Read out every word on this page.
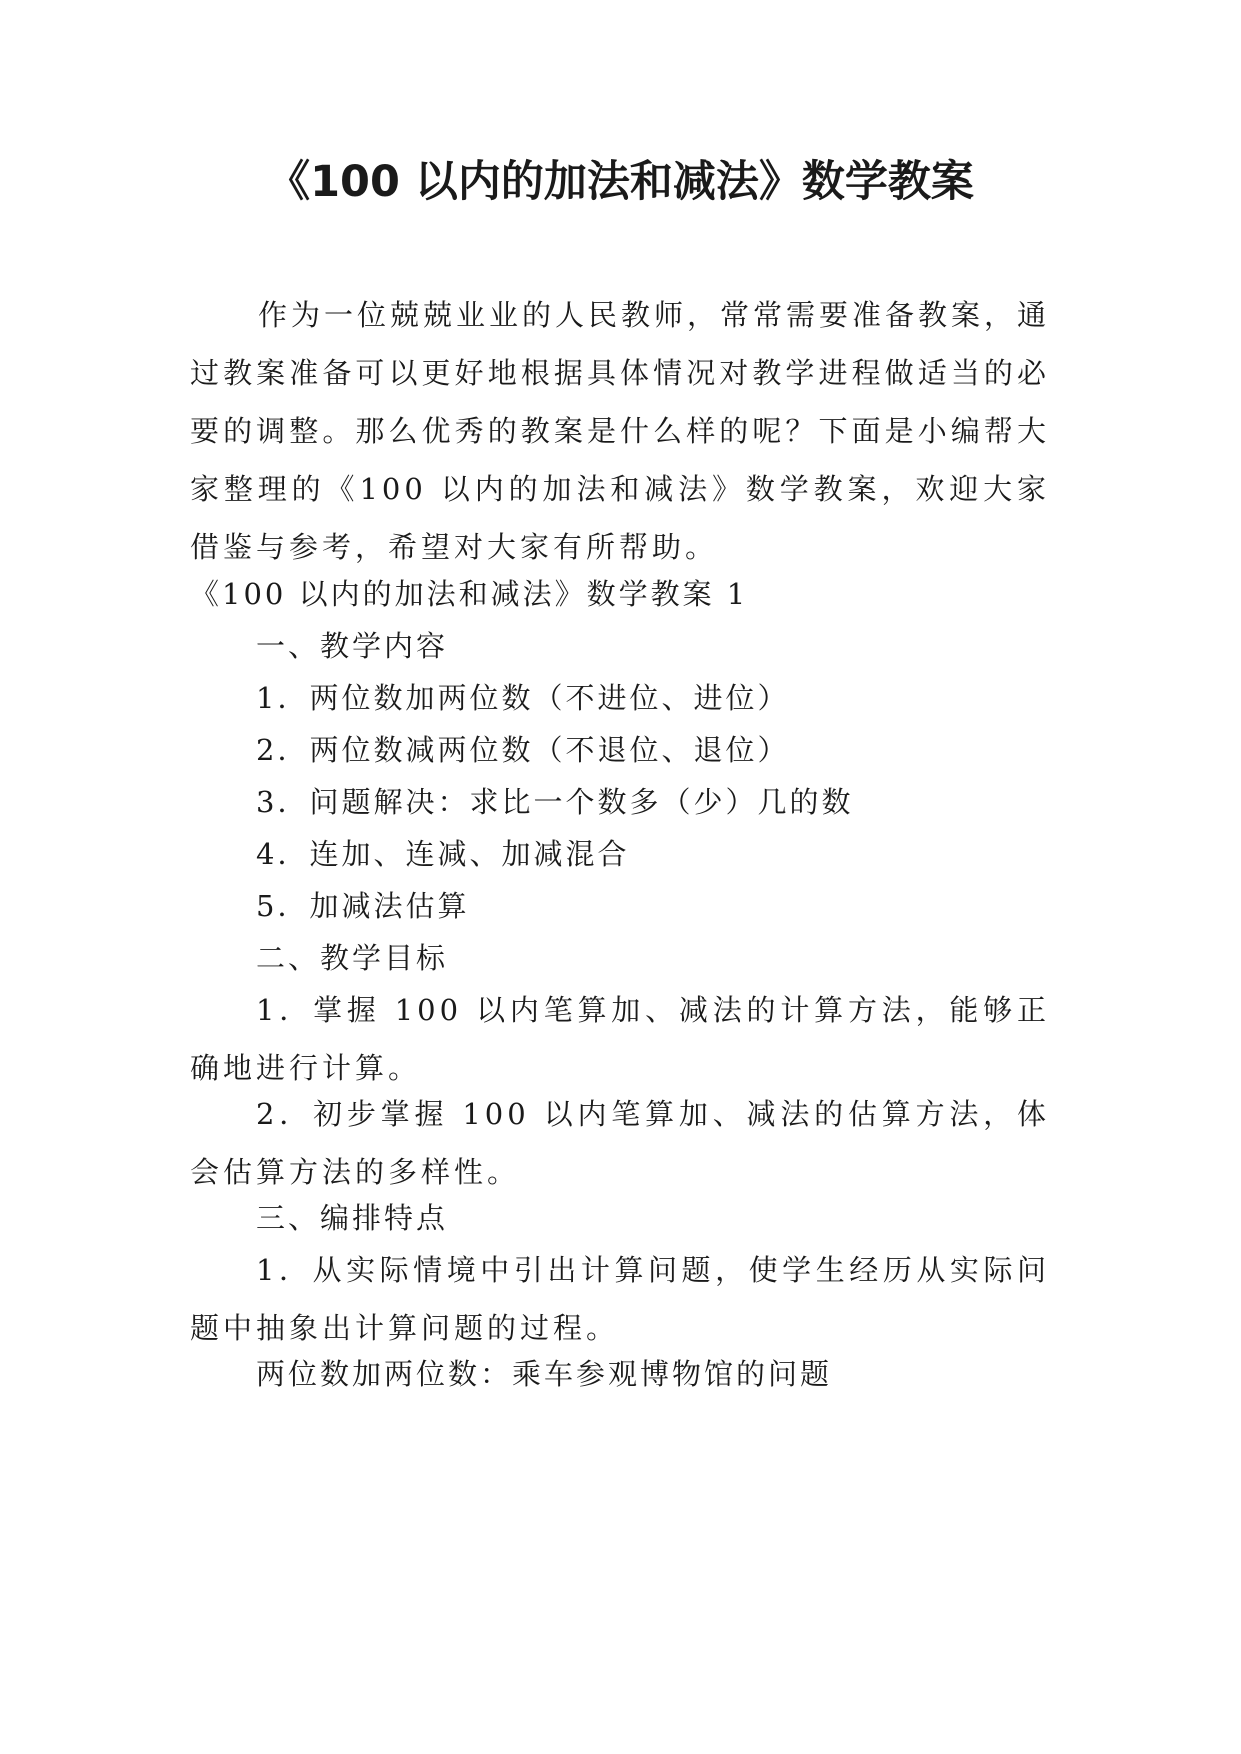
《100 以内的加法和减法》数学教案
作为一位兢兢业业的人民教师，常常需要准备教案，通过教案准备可以更好地根据具体情况对教学进程做适当的必要的调整。那么优秀的教案是什么样的呢？下面是小编帮大家整理的《100 以内的加法和减法》数学教案，欢迎大家借鉴与参考，希望对大家有所帮助。
《100 以内的加法和减法》数学教案 1
一、教学内容
1．两位数加两位数（不进位、进位）
2．两位数减两位数（不退位、退位）
3．问题解决：求比一个数多（少）几的数
4．连加、连减、加减混合
5．加减法估算
二、教学目标
1．掌握 100 以内笔算加、减法的计算方法，能够正确地进行计算。
2．初步掌握 100 以内笔算加、减法的估算方法，体会估算方法的多样性。
三、编排特点
1．从实际情境中引出计算问题，使学生经历从实际问题中抽象出计算问题的过程。
两位数加两位数：乘车参观博物馆的问题
